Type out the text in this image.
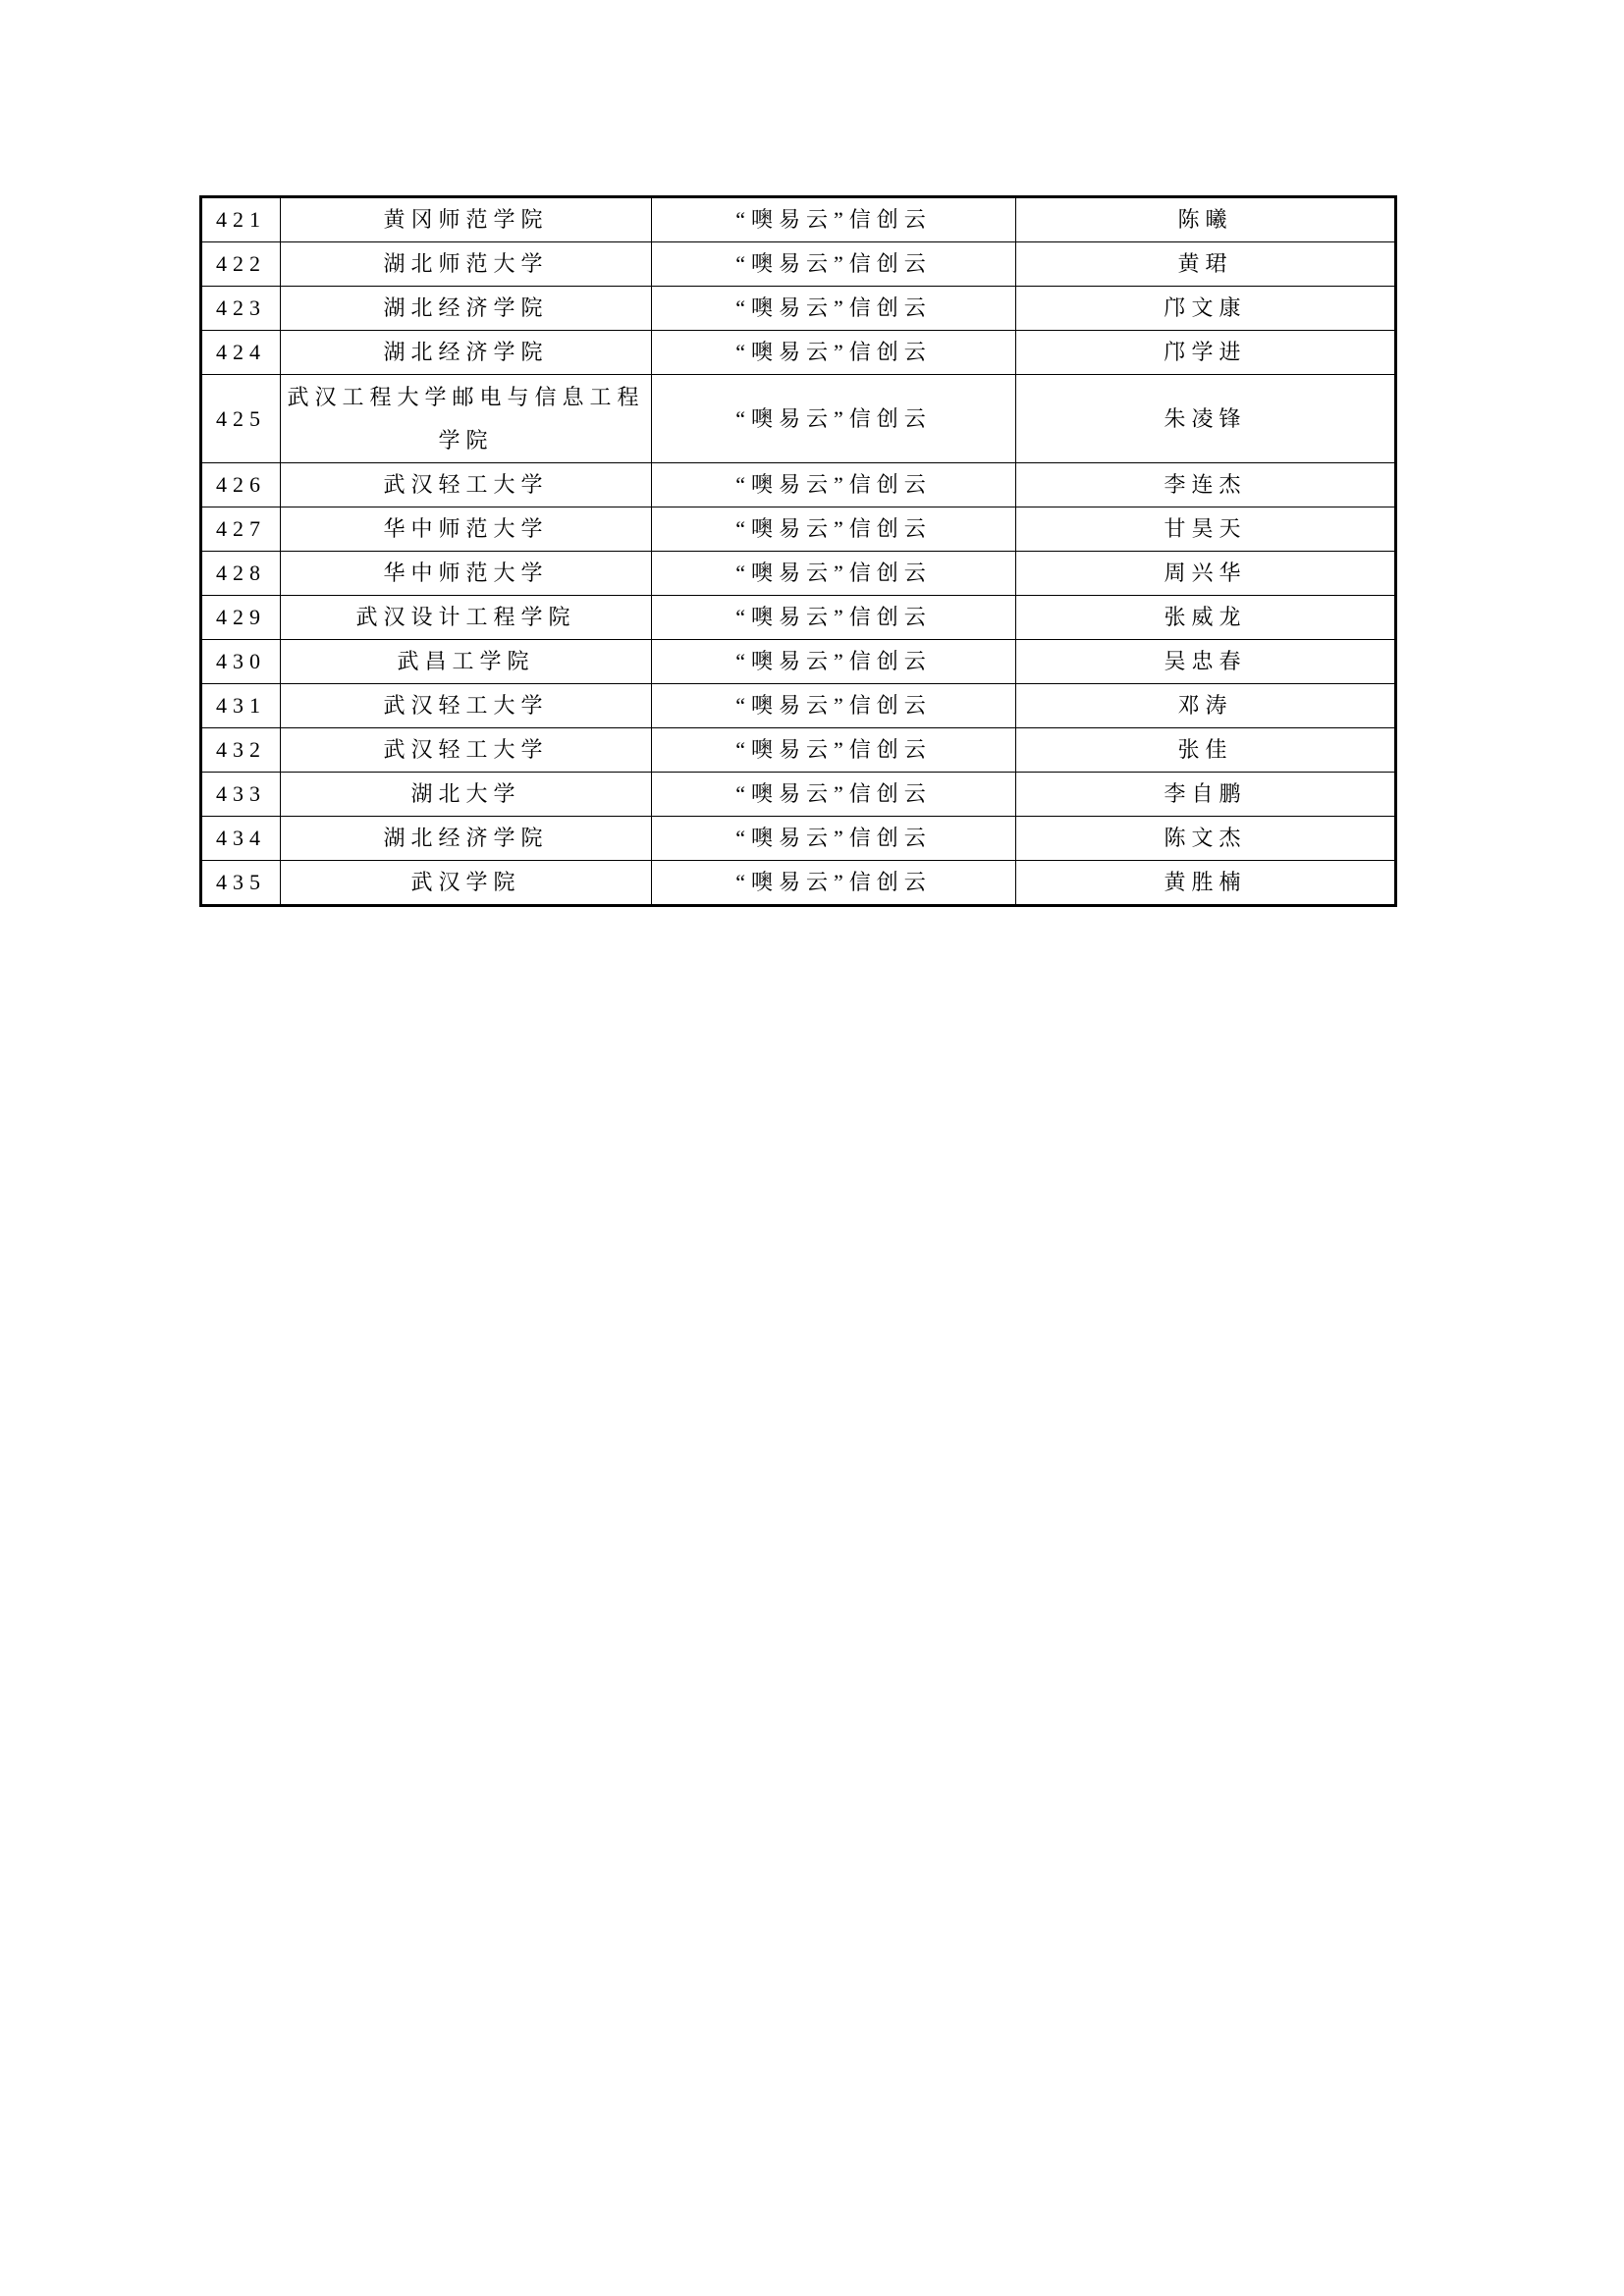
421	黄冈师范学院	“噢易云”信创云	陈曦
422	湖北师范大学	“噢易云”信创云	黄珺
423	湖北经济学院	“噢易云”信创云	邝文康
424	湖北经济学院	“噢易云”信创云	邝学进
425	武汉工程大学邮电与信息工程学院	“噢易云”信创云	朱凌锋
426	武汉轻工大学	“噢易云”信创云	李连杰
427	华中师范大学	“噢易云”信创云	甘昊天
428	华中师范大学	“噢易云”信创云	周兴华
429	武汉设计工程学院	“噢易云”信创云	张威龙
430	武昌工学院	“噢易云”信创云	吴忠春
431	武汉轻工大学	“噢易云”信创云	邓涛
432	武汉轻工大学	“噢易云”信创云	张佳
433	湖北大学	“噢易云”信创云	李自鹏
434	湖北经济学院	“噢易云”信创云	陈文杰
435	武汉学院	“噢易云”信创云	黄胜楠
